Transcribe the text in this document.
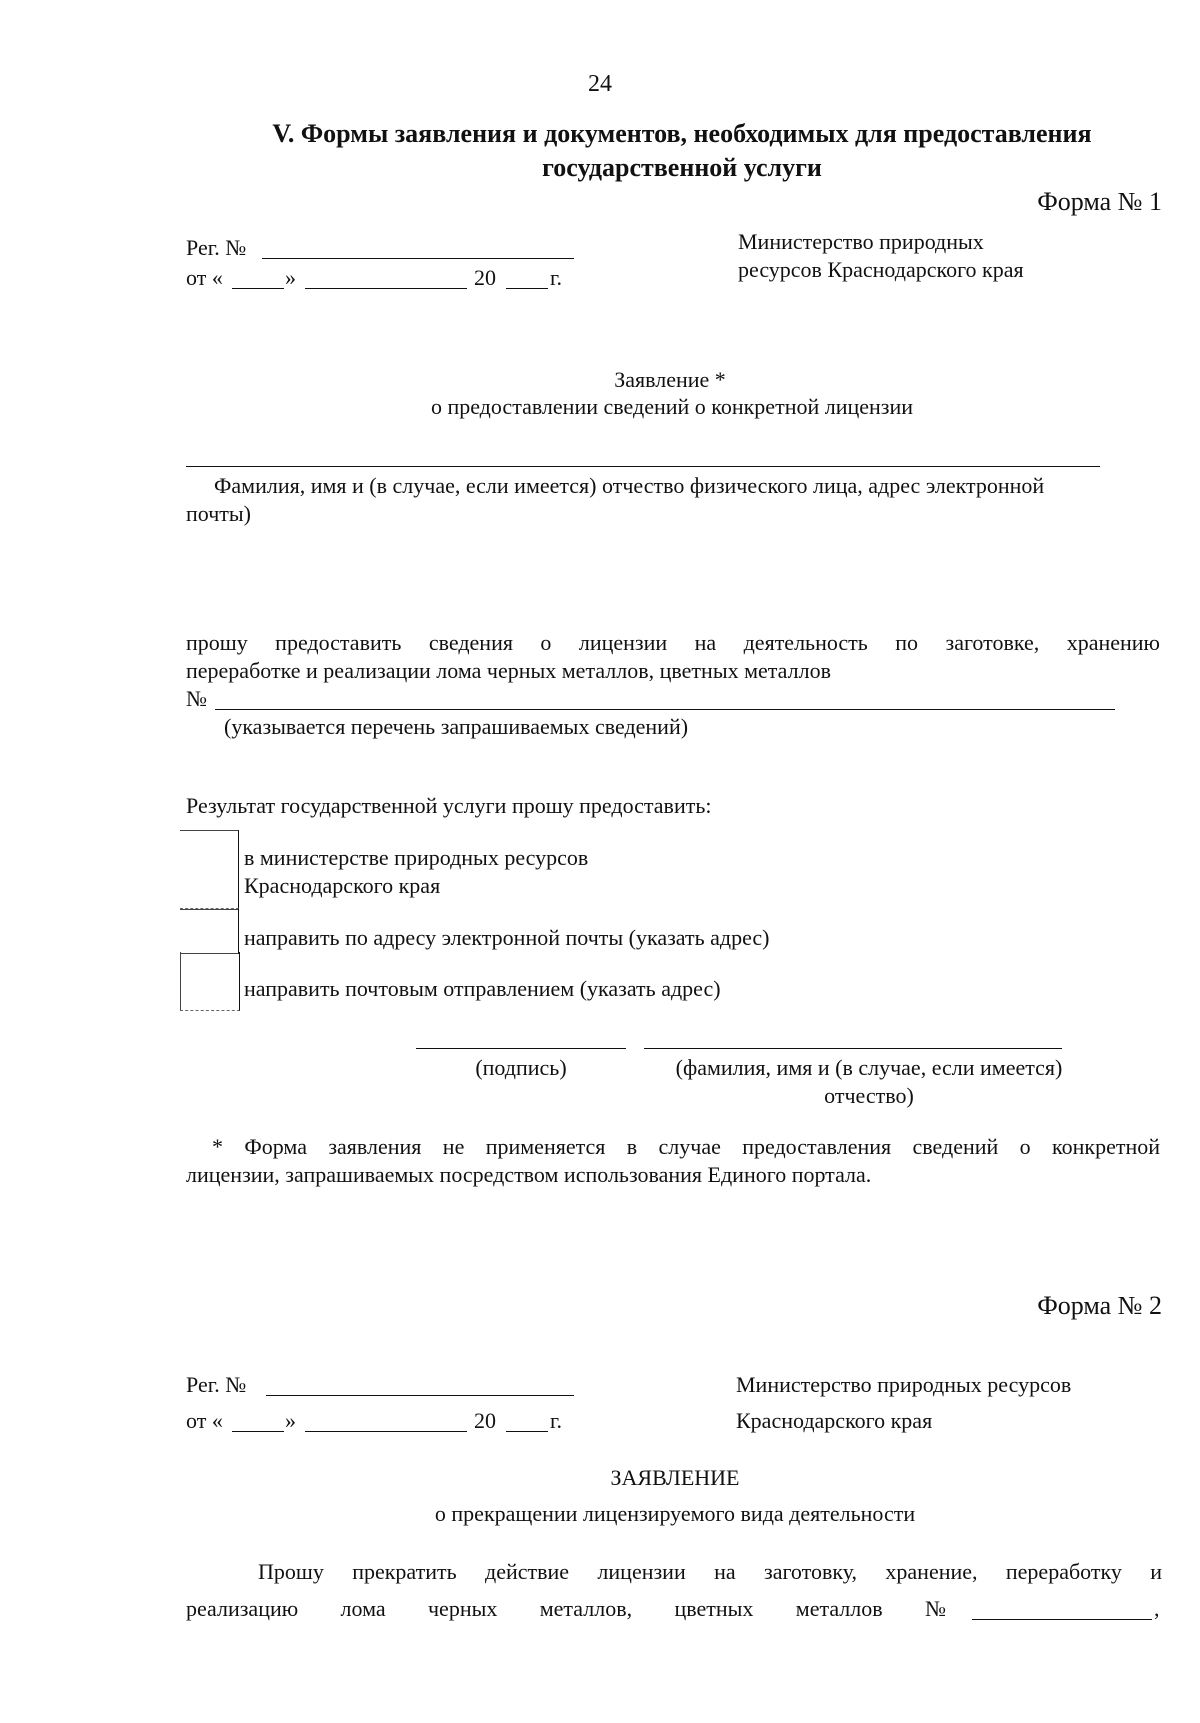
24
V. Формы заявления и документов, необходимых для предоставления
государственной услуги
Форма № 1
Рег. №
от «	»	20 г.
Министерство природных
ресурсов Краснодарского края
Заявление *
о предоставлении сведений о конкретной лицензии
Фамилия, имя и (в случае, если имеется) отчество физического лица, адрес электронной
почты)
прошу предоставить сведения о лицензии на деятельность по заготовке, хранению
переработке и реализации лома черных металлов, цветных металлов
№
(указывается перечень запрашиваемых сведений)
Результат государственной услуги прошу предоставить:
в министерстве природных ресурсов
Краснодарского края
направить по адресу электронной почты (указать адрес)
направить почтовым отправлением (указать адрес)
(подпись)	(фамилия, имя и (в случае, если имеется)
отчество)
* Форма заявления не применяется в случае предоставления сведений о конкретной
лицензии, запрашиваемых посредством использования Единого портала.
Форма № 2
Рег. №
от «	»	20 г.
Министерство природных ресурсов
Краснодарского края
ЗАЯВЛЕНИЕ
о прекращении лицензируемого вида деятельности
Прошу прекратить действие лицензии на заготовку, хранение, переработку и
реализацию лома черных металлов, цветных металлов №	,
